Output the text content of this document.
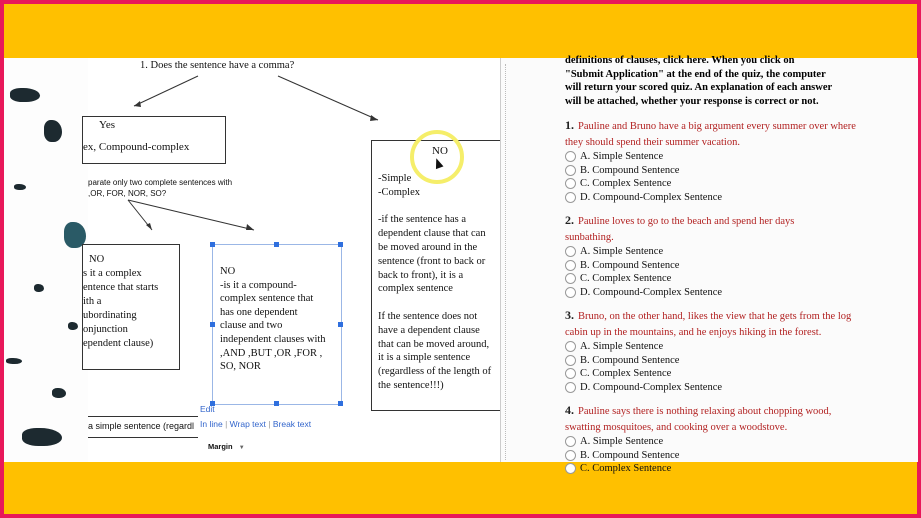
1. Does the sentence have a comma?
Yes
ex, Compound-complex
parate only two complete sentences with
,OR, FOR, NOR, SO?
NO
-Simple
-Complex
-if the sentence has a
dependent clause that can
be moved around in the
sentence (front to back or
back to front), it is a
complex sentence
If the sentence does not
have a dependent clause
that can be moved around,
it is a simple sentence
(regardless of the length of
the sentence!!!)
NO
s it a complex
entence that starts
ith a
ubordinating
onjunction
ependent clause)
NO
-is it a compound-
complex sentence that
has one dependent
clause and two
independent clauses with
,AND ,BUT ,OR ,FOR ,
SO, NOR
Edit
In line | Wrap text | Break text
Margin ▼
a simple sentence (regardl
definitions of clauses, click here. When you click on
"Submit Application" at the end of the quiz, the computer
will return your scored quiz. An explanation of each answer
will be attached, whether your response is correct or not.
1. Pauline and Bruno have a big argument every summer over where they should spend their summer vacation.
A. Simple Sentence
B. Compound Sentence
C. Complex Sentence
D. Compound-Complex Sentence
2. Pauline loves to go to the beach and spend her days sunbathing.
A. Simple Sentence
B. Compound Sentence
C. Complex Sentence
D. Compound-Complex Sentence
3. Bruno, on the other hand, likes the view that he gets from the log cabin up in the mountains, and he enjoys hiking in the forest.
A. Simple Sentence
B. Compound Sentence
C. Complex Sentence
D. Compound-Complex Sentence
4. Pauline says there is nothing relaxing about chopping wood, swatting mosquitoes, and cooking over a woodstove.
A. Simple Sentence
B. Compound Sentence
C. Complex Sentence
